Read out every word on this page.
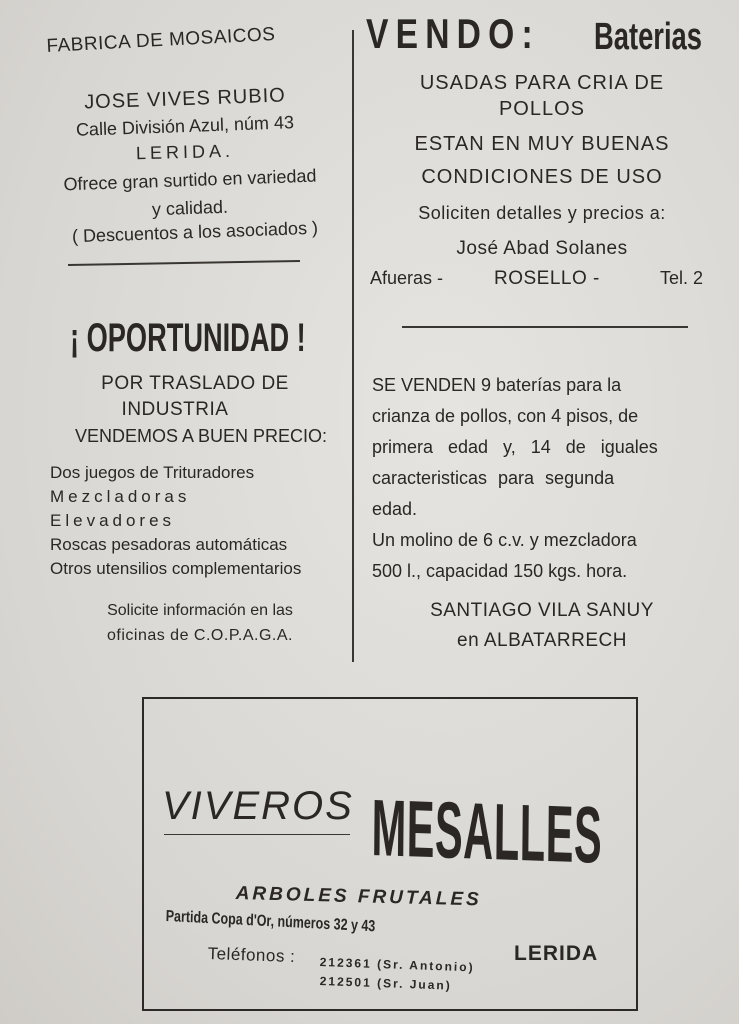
FABRICA DE MOSAICOS
JOSE VIVES RUBIO
Calle División Azul, núm 43
LERIDA.
Ofrece gran surtido en variedad
y calidad.
( Descuentos a los asociados )
VENDO: Baterias
USADAS PARA CRIA DE
POLLOS
ESTAN EN MUY BUENAS
CONDICIONES DE USO
Soliciten detalles y precios a:
José Abad Solanes
Afueras -	ROSELLO -	Tel. 2
¡ OPORTUNIDAD !
POR TRASLADO DE
INDUSTRIA
VENDEMOS A BUEN PRECIO:
Dos juegos de Trituradores
Mezcladoras
Elevadores
Roscas pesadoras automáticas
Otros utensilios complementarios
Solicite información en las
oficinas de C.O.P.A.G.A.
SE VENDEN 9 baterías para la
crianza de pollos, con 4 pisos, de
primera edad y, 14 de iguales
caracteristicas para segunda
edad.
Un molino de 6 c.v. y mezcladora
500 l., capacidad 150 kgs. hora.
SANTIAGO VILA SANUY
en ALBATARRECH
VIVEROS MESALLES
ARBOLES FRUTALES
Partida Copa d'Or, números 32 y 43
LERIDA
Teléfonos : 212361 (Sr. Antonio)
212501 (Sr. Juan)
